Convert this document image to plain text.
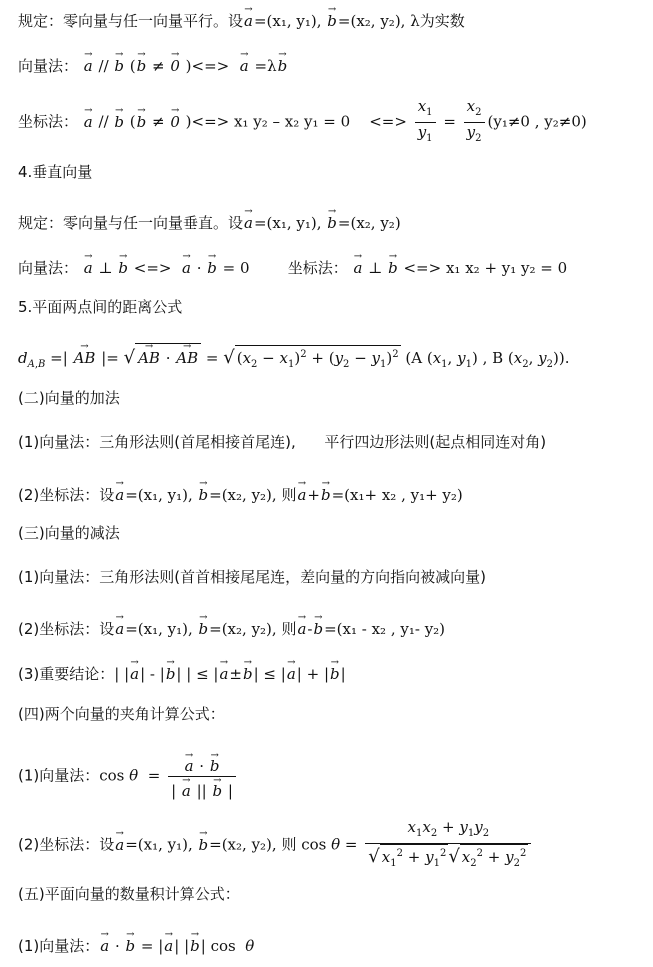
规定：零向量与任一向量平行。设→ a=(x₁, y₁), → b=(x₂, y₂), λ为实数
向量法： → a // → b (→ b ≠ → 0 )<=>  → a =λ→ b
坐标法： → a // → b (→ b ≠ → 0 )<=> x₁ y₂ – x₂ y₁ = 0    <=> $\frac{x_1}{y_1} = \frac{x_2}{y_2} (y_1\ne 0$ , y₂≠0)
4.垂直向量
规定：零向量与任一向量垂直。设→ a=(x₁, y₁), → b=(x₂, y₂)
向量法： → a ⊥ → b <=>  → a · → b = 0        坐标法： → a ⊥ → b <=> x₁ x₂ + y₁ y₂ = 0
5.平面两点间的距离公式
$d_{A,B}$ =| → AB |= √ → AB · → AB = √ $(x_2 - x_1)^2 + (y_2 - y_1)^2$ (A ($x_1$, $y_1$) , B ($x_2$, $y_2$)).
(二)向量的加法
(1)向量法：三角形法则(首尾相接首尾连), 平行四边形法则(起点相同连对角)
(2)坐标法：设→ a=(x₁, y₁), → b=(x₂, y₂), 则→ a+→ b=(x₁+ x₂ , y₁+ y₂)
(三)向量的减法
(1)向量法：三角形法则(首首相接尾尾连，差向量的方向指向被减向量)
(2)坐标法：设→ a=(x₁, y₁), → b=(x₂, y₂), 则→ a-→ b=(x₁ - x₂ , y₁- y₂)
(3)重要结论：| |→ a| - |→ b| | ≤ |→ a±→ b| ≤ |→ a| + |→ b|
(四)两个向量的夹角计算公式：
(1)向量法：cos θ  = → $\frac{a \cdot \to b}{| \to a || \to b |}$
(2)坐标法：设→ a=(x₁, y₁), → b=(x₂, y₂), 则 $\cos \theta = \frac{x_1x_2 + y_1y_2}{√ x_1^2 + y_1^2 √ x_2^2 + y_2^2}$
(五)平面向量的数量积计算公式：
(1)向量法：→ a · → b = |→ a| |→ b| cos  θ
